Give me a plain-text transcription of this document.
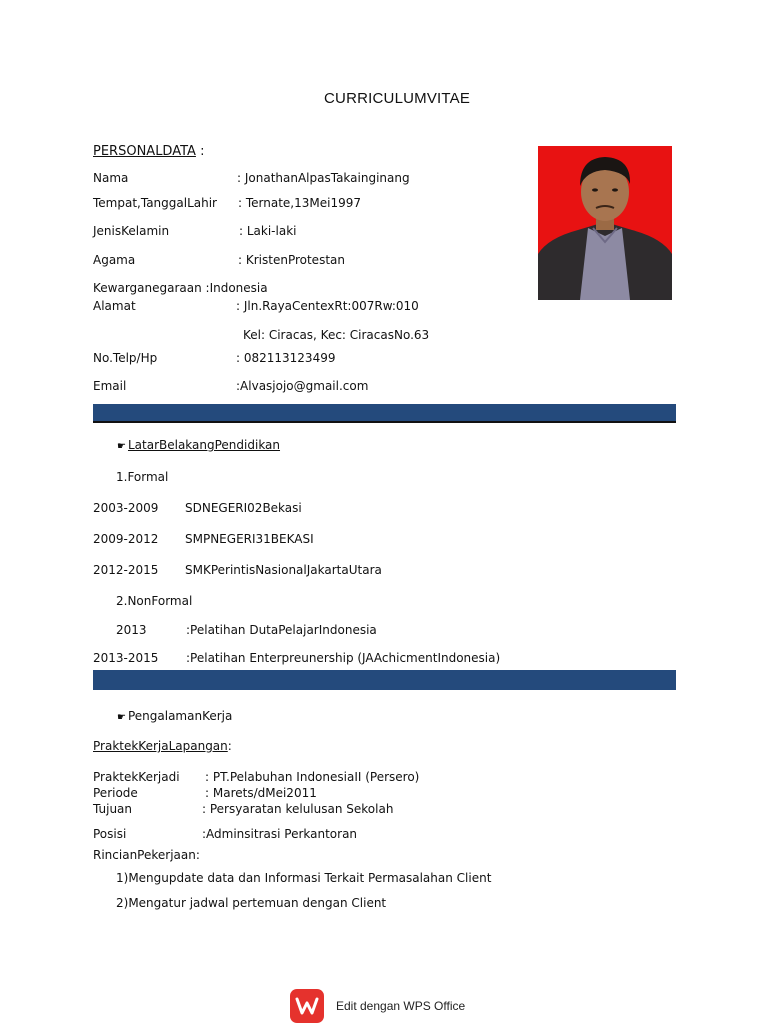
CURRICULUMVITAE
PERSONALDATA :
Nama	: JonathanAlpasTakainginang
Tempat,TanggalLahir : Ternate,13Mei1997
JenisKelamin	: Laki-laki
Agama	: KristenProtestan
Kewarganegaraan :Indonesia
Alamat	: Jln.RayaCentexRt:007Rw:010
Kel: Ciracas, Kec: CiracasNo.63
No.Telp/Hp	: 082113123499
Email	:Alvasjojo@gmail.com
☛ LatarBelakangPendidikan
1.Formal
2003-2009 SDNEGERI02Bekasi
2009-2012 SMPNEGERI31BEKASI
2012-2015 SMKPerintisNasionalJakartaUtara
2.NonFormal
2013	:Pelatihan DutaPelajarIndonesia
2013-2015 :Pelatihan Enterpreunership (JAAchicmentIndonesia)
☛ PengalamanKerja
PraktekKerjaLapangan:
PraktekKerjadi : PT.Pelabuhan IndonesiaII (Persero)
Periode	: Marets/dMei2011
Tujuan	: Persyaratan kelulusan Sekolah
Posisi	:Adminsitrasi Perkantoran
RincianPekerjaan:
1)Mengupdate data dan Informasi Terkait Permasalahan Client
2)Mengatur jadwal pertemuan dengan Client
Edit dengan WPS Office
